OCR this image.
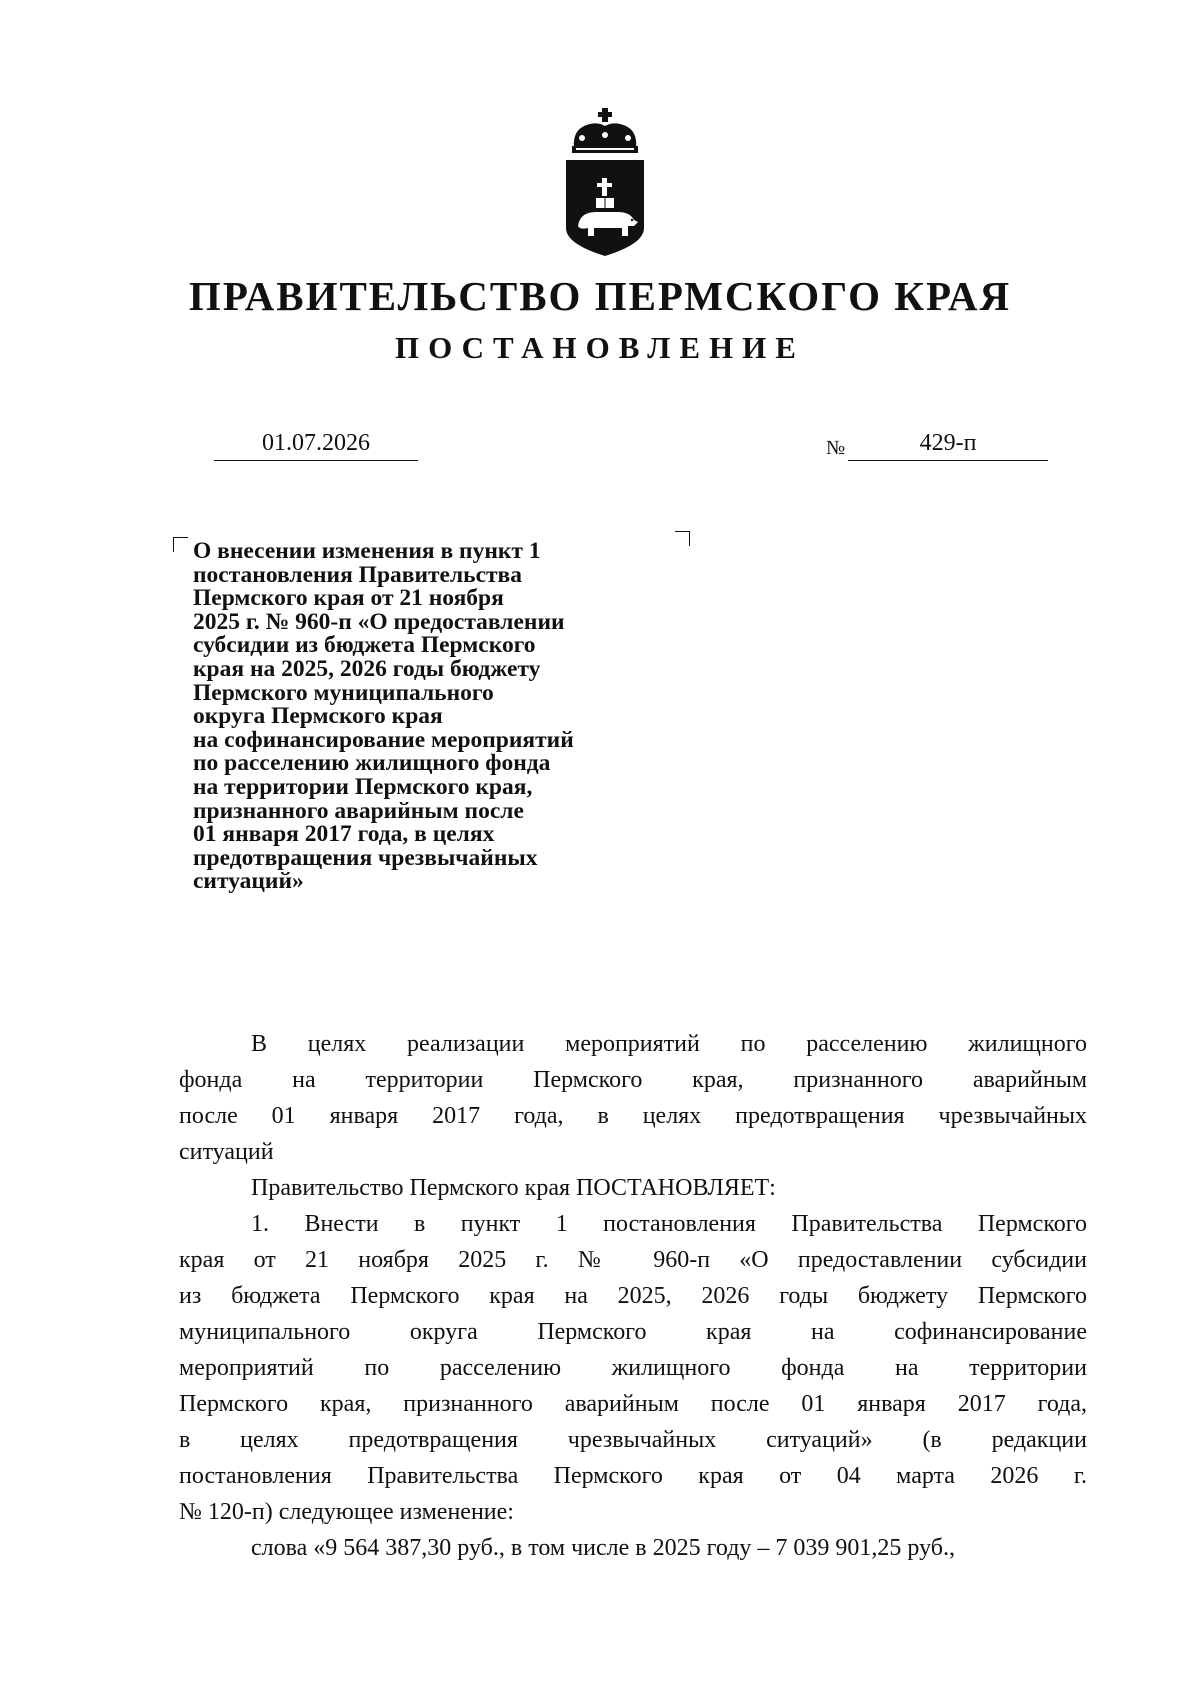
ПРАВИТЕЛЬСТВО ПЕРМСКОГО КРАЯ
ПОСТАНОВЛЕНИЕ
01.07.2026	№	429-п
О внесении изменения в пункт 1
постановления Правительства
Пермского края от 21 ноября
2025 г. № 960-п «О предоставлении
субсидии из бюджета Пермского
края на 2025, 2026 годы бюджету
Пермского муниципального
округа Пермского края
на софинансирование мероприятий
по расселению жилищного фонда
на территории Пермского края,
признанного аварийным после
01 января 2017 года, в целях
предотвращения чрезвычайных
ситуаций»

В целях реализации мероприятий по расселению жилищного

фонда на территории Пермского края, признанного аварийным

после 01 января 2017 года, в целях предотвращения чрезвычайных

ситуаций

Правительство Пермского края ПОСТАНОВЛЯЕТ:

1. Внести в пункт 1 постановления Правительства Пермского

края от 21 ноября 2025 г. № 960-п «О предоставлении субсидии

из бюджета Пермского края на 2025, 2026 годы бюджету Пермского

муниципального округа Пермского края на софинансирование

мероприятий по расселению жилищного фонда на территории

Пермского края, признанного аварийным после 01 января 2017 года,

в целях предотвращения чрезвычайных ситуаций» (в редакции

постановления Правительства Пермского края от 04 марта 2026 г.

№ 120-п) следующее изменение:

слова «9 564 387,30 руб., в том числе в 2025 году – 7 039 901,25 руб.,
